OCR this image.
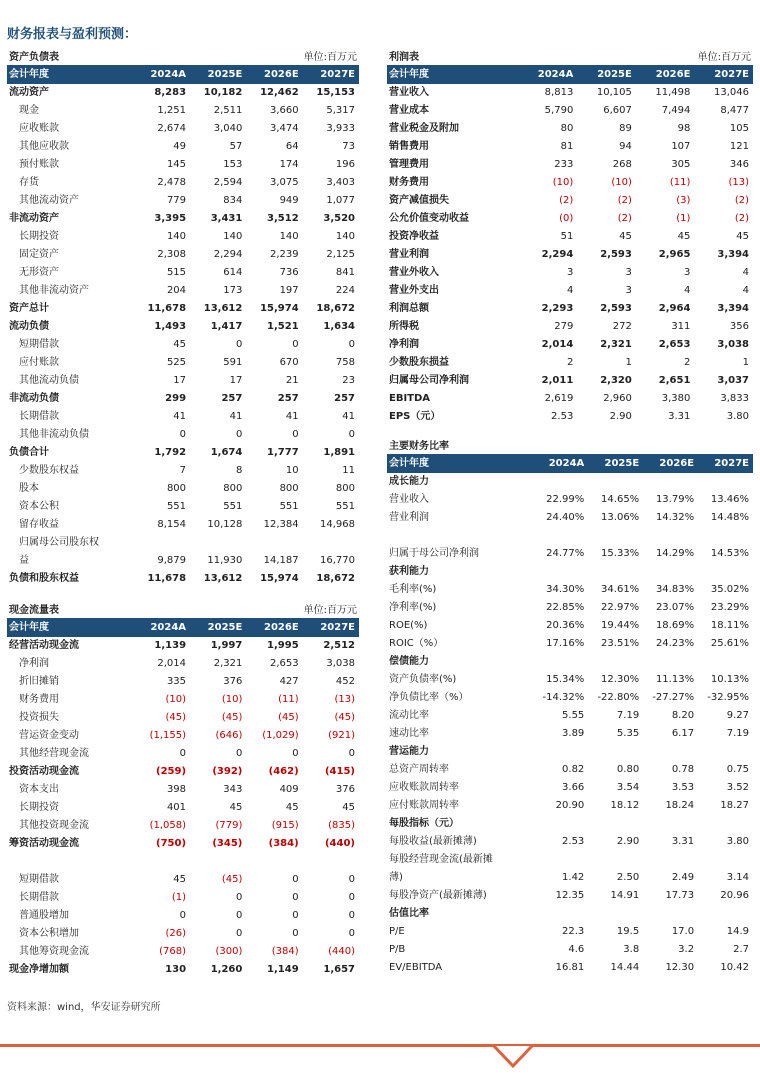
财务报表与盈利预测：
资产负债表	单位:百万元
会计年度	2024A	2025E	2026E	2027E
流动资产	8,283	10,182	12,462	15,153
现金	1,251	2,511	3,660	5,317
应收账款	2,674	3,040	3,474	3,933
其他应收款	49	57	64	73
预付账款	145	153	174	196
存货	2,478	2,594	3,075	3,403
其他流动资产	779	834	949	1,077
非流动资产	3,395	3,431	3,512	3,520
长期投资	140	140	140	140
固定资产	2,308	2,294	2,239	2,125
无形资产	515	614	736	841
其他非流动资产	204	173	197	224
资产总计	11,678	13,612	15,974	18,672
流动负债	1,493	1,417	1,521	1,634
短期借款	45	0	0	0
应付账款	525	591	670	758
其他流动负债	17	17	21	23
非流动负债	299	257	257	257
长期借款	41	41	41	41
其他非流动负债	0	0	0	0
负债合计	1,792	1,674	1,777	1,891
少数股东权益	7	8	10	11
股本	800	800	800	800
资本公积	551	551	551	551
留存收益	8,154	10,128	12,384	14,968
归属母公司股东权				
益	9,879	11,930	14,187	16,770
负债和股东权益	11,678	13,612	15,974	18,672
利润表	单位:百万元
会计年度	2024A	2025E	2026E	2027E
营业收入	8,813	10,105	11,498	13,046
营业成本	5,790	6,607	7,494	8,477
营业税金及附加	80	89	98	105
销售费用	81	94	107	121
管理费用	233	268	305	346
财务费用	(10)	(10)	(11)	(13)
资产减值损失	(2)	(2)	(3)	(2)
公允价值变动收益	(0)	(2)	(1)	(2)
投资净收益	51	45	45	45
营业利润	2,294	2,593	2,965	3,394
营业外收入	3	3	3	4
营业外支出	4	3	4	4
利润总额	2,293	2,593	2,964	3,394
所得税	279	272	311	356
净利润	2,014	2,321	2,653	3,038
少数股东损益	2	1	2	1
归属母公司净利润	2,011	2,320	2,651	3,037
EBITDA	2,619	2,960	3,380	3,833
EPS（元）	2.53	2.90	3.31	3.80
主要财务比率
会计年度	2024A	2025E	2026E	2027E
成长能力				
营业收入	22.99%	14.65%	13.79%	13.46%
营业利润	24.40%	13.06%	14.32%	14.48%

归属于母公司净利润	24.77%	15.33%	14.29%	14.53%
获利能力				
毛利率(%)	34.30%	34.61%	34.83%	35.02%
净利率(%)	22.85%	22.97%	23.07%	23.29%
ROE(%)	20.36%	19.44%	18.69%	18.11%
ROIC（%）	17.16%	23.51%	24.23%	25.61%
偿债能力				
资产负债率(%)	15.34%	12.30%	11.13%	10.13%
净负债比率（%）	-14.32%	-22.80%	-27.27%	-32.95%
流动比率	5.55	7.19	8.20	9.27
速动比率	3.89	5.35	6.17	7.19
营运能力				
总资产周转率	0.82	0.80	0.78	0.75
应收账款周转率	3.66	3.54	3.53	3.52
应付账款周转率	20.90	18.12	18.24	18.27
每股指标（元）				
每股收益(最新摊薄)	2.53	2.90	3.31	3.80
每股经营现金流(最新摊				
薄)	1.42	2.50	2.49	3.14
每股净资产(最新摊薄)	12.35	14.91	17.73	20.96
估值比率				
P/E	22.3	19.5	17.0	14.9
P/B	4.6	3.8	3.2	2.7
EV/EBITDA	16.81	14.44	12.30	10.42
现金流量表	单位:百万元
会计年度	2024A	2025E	2026E	2027E
经营活动现金流	1,139	1,997	1,995	2,512
净利润	2,014	2,321	2,653	3,038
折旧摊销	335	376	427	452
财务费用	(10)	(10)	(11)	(13)
投资损失	(45)	(45)	(45)	(45)
营运资金变动	(1,155)	(646)	(1,029)	(921)
其他经营现金流	0	0	0	0
投资活动现金流	(259)	(392)	(462)	(415)
资本支出	398	343	409	376
长期投资	401	45	45	45
其他投资现金流	(1,058)	(779)	(915)	(835)
筹资活动现金流	(750)	(345)	(384)	(440)

短期借款	45	(45)	0	0
长期借款	(1)	0	0	0
普通股增加	0	0	0	0
资本公积增加	(26)	0	0	0
其他筹资现金流	(768)	(300)	(384)	(440)
现金净增加额	130	1,260	1,149	1,657
资料来源：wind，华安证券研究所
